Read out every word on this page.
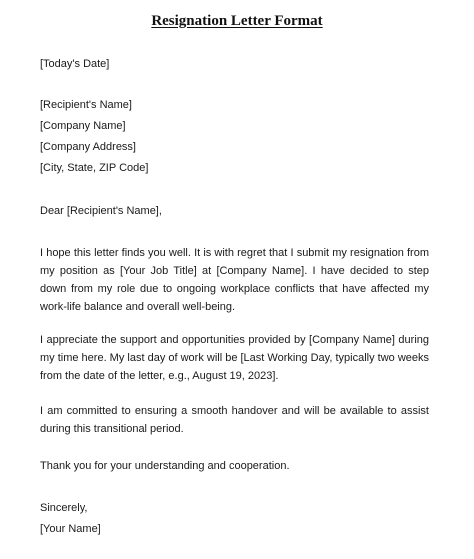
Resignation Letter Format
[Today's Date]
[Recipient's Name]
[Company Name]
[Company Address]
[City, State, ZIP Code]
Dear [Recipient's Name],
I hope this letter finds you well. It is with regret that I submit my resignation from my position as [Your Job Title] at [Company Name]. I have decided to step down from my role due to ongoing workplace conflicts that have affected my work-life balance and overall well-being.
I appreciate the support and opportunities provided by [Company Name] during my time here. My last day of work will be [Last Working Day, typically two weeks from the date of the letter, e.g., August 19, 2023].
I am committed to ensuring a smooth handover and will be available to assist during this transitional period.
Thank you for your understanding and cooperation.
Sincerely,
[Your Name]
